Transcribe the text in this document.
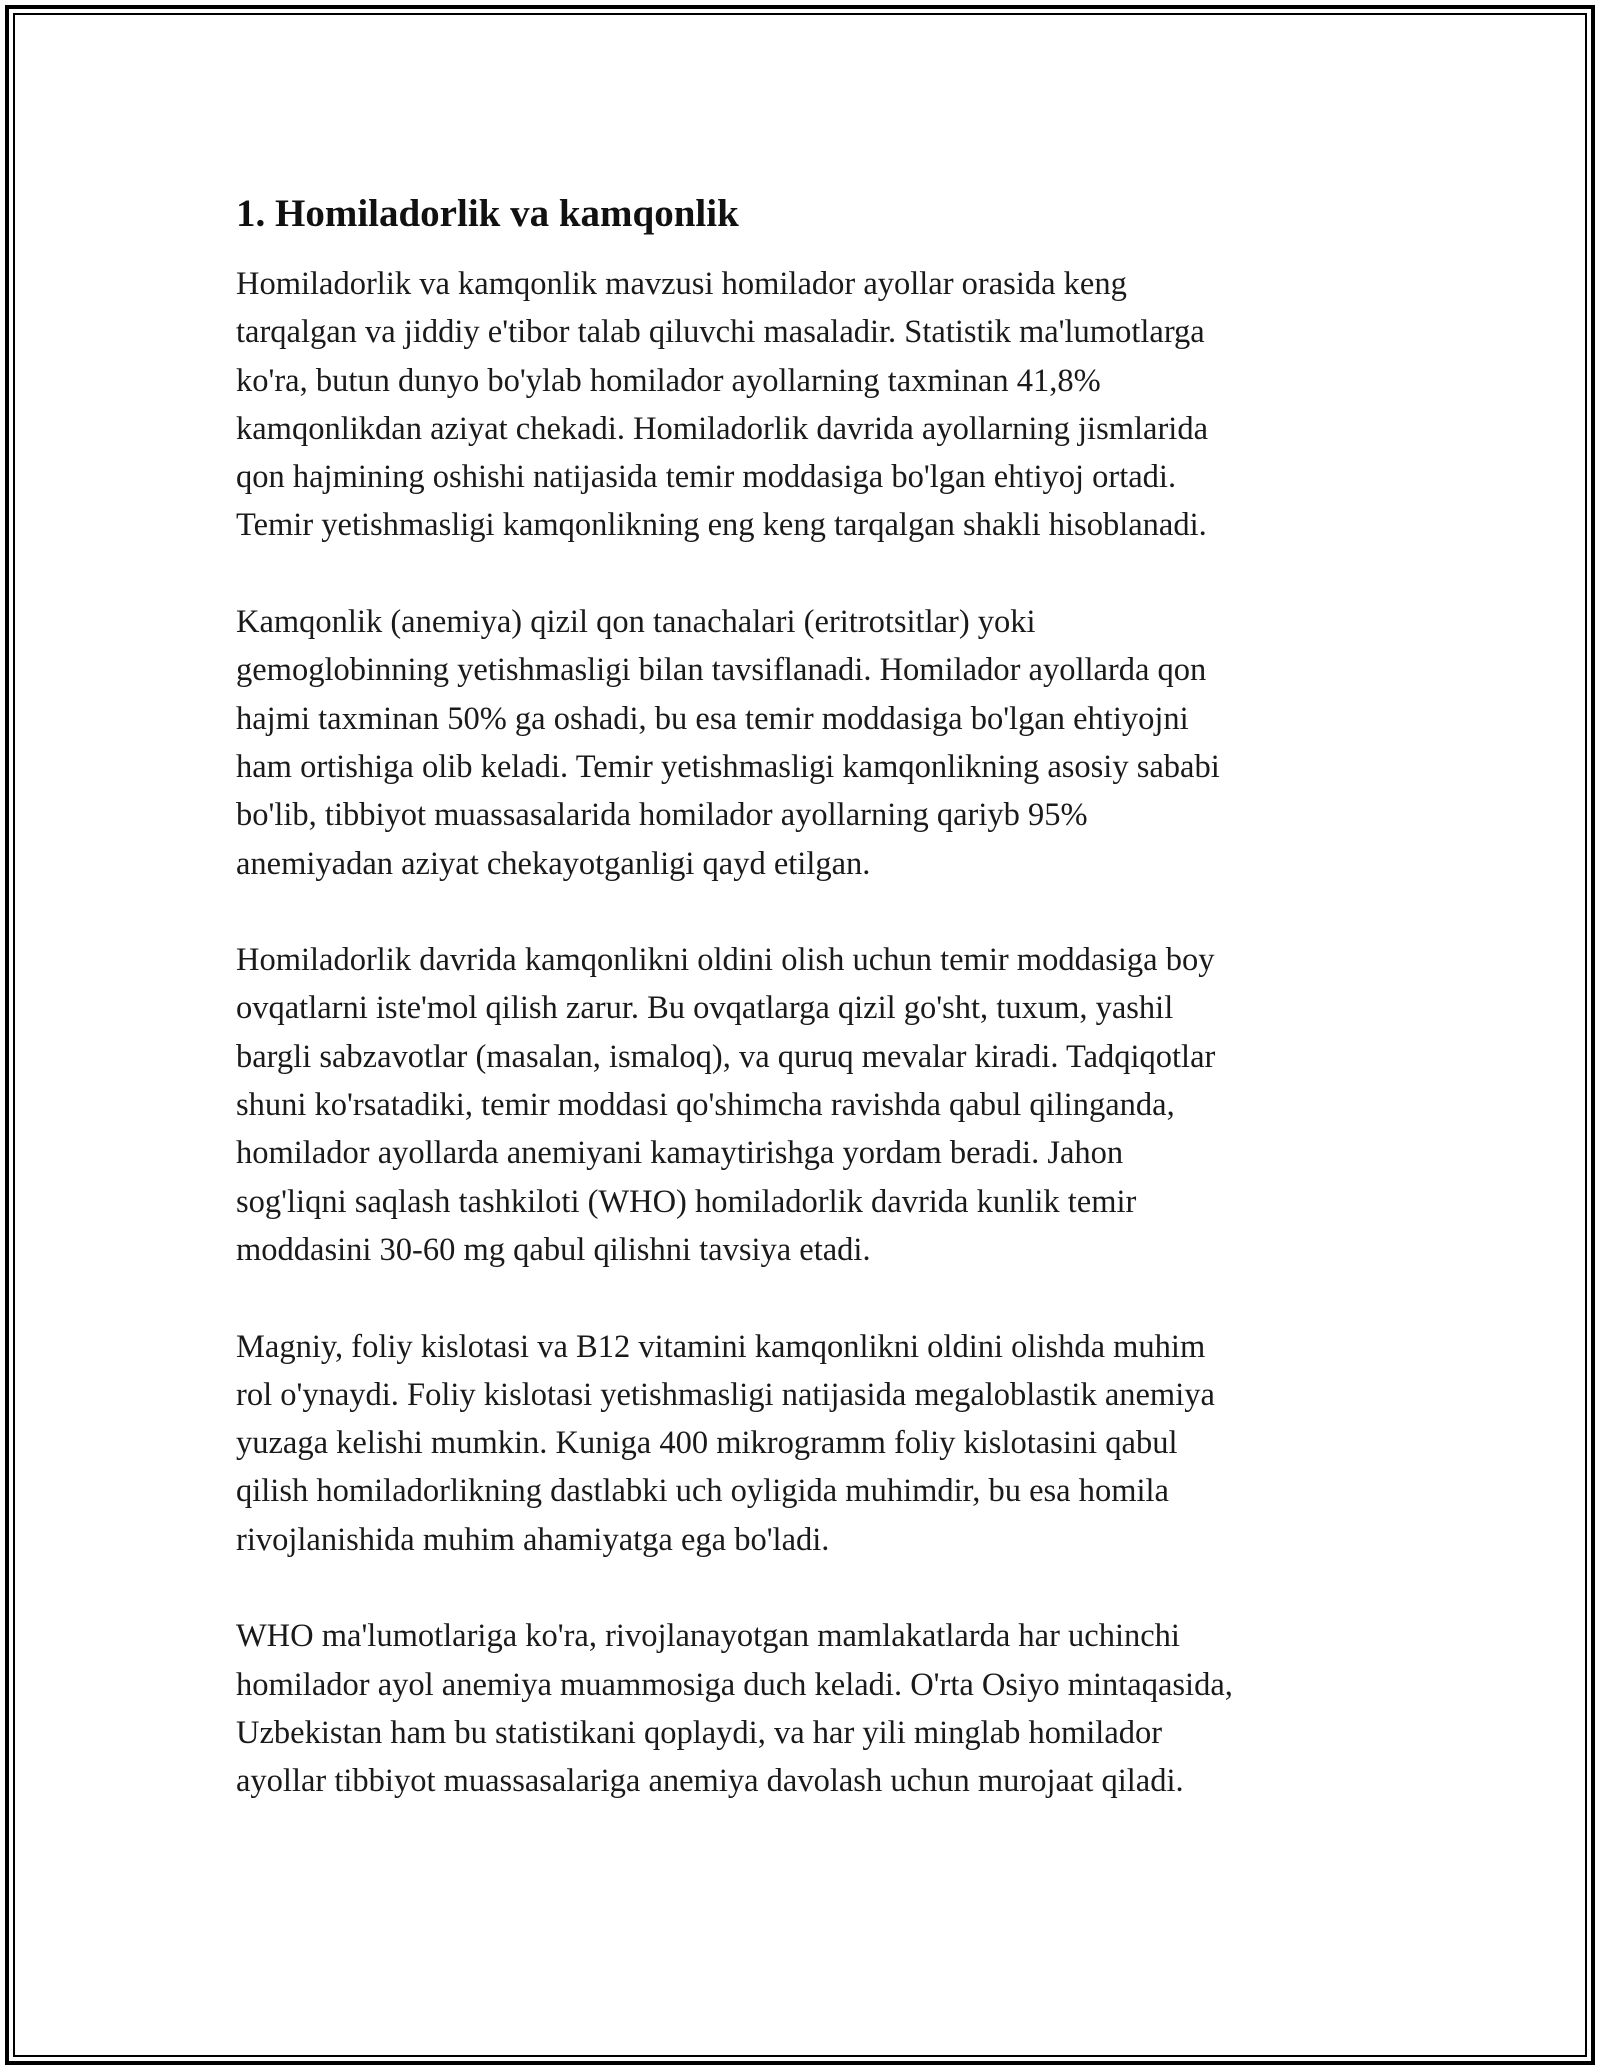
1. Homiladorlik va kamqonlik

Homiladorlik va kamqonlik mavzusi homilador ayollar orasida keng
tarqalgan va jiddiy e'tibor talab qiluvchi masaladir. Statistik ma'lumotlarga
ko'ra, butun dunyo bo'ylab homilador ayollarning taxminan 41,8%
kamqonlikdan aziyat chekadi. Homiladorlik davrida ayollarning jismlarida
qon hajmining oshishi natijasida temir moddasiga bo'lgan ehtiyoj ortadi.
Temir yetishmasligi kamqonlikning eng keng tarqalgan shakli hisoblanadi.

Kamqonlik (anemiya) qizil qon tanachalari (eritrotsitlar) yoki
gemoglobinning yetishmasligi bilan tavsiflanadi. Homilador ayollarda qon
hajmi taxminan 50% ga oshadi, bu esa temir moddasiga bo'lgan ehtiyojni
ham ortishiga olib keladi. Temir yetishmasligi kamqonlikning asosiy sababi
bo'lib, tibbiyot muassasalarida homilador ayollarning qariyb 95%
anemiyadan aziyat chekayotganligi qayd etilgan.

Homiladorlik davrida kamqonlikni oldini olish uchun temir moddasiga boy
ovqatlarni iste'mol qilish zarur. Bu ovqatlarga qizil go'sht, tuxum, yashil
bargli sabzavotlar (masalan, ismaloq), va quruq mevalar kiradi. Tadqiqotlar
shuni ko'rsatadiki, temir moddasi qo'shimcha ravishda qabul qilinganda,
homilador ayollarda anemiyani kamaytirishga yordam beradi. Jahon
sog'liqni saqlash tashkiloti (WHO) homiladorlik davrida kunlik temir
moddasini 30-60 mg qabul qilishni tavsiya etadi.

Magniy, foliy kislotasi va B12 vitamini kamqonlikni oldini olishda muhim
rol o'ynaydi. Foliy kislotasi yetishmasligi natijasida megaloblastik anemiya
yuzaga kelishi mumkin. Kuniga 400 mikrogramm foliy kislotasini qabul
qilish homiladorlikning dastlabki uch oyligida muhimdir, bu esa homila
rivojlanishida muhim ahamiyatga ega bo'ladi.

WHO ma'lumotlariga ko'ra, rivojlanayotgan mamlakatlarda har uchinchi
homilador ayol anemiya muammosiga duch keladi. O'rta Osiyo mintaqasida,
Uzbekistan ham bu statistikani qoplaydi, va har yili minglab homilador
ayollar tibbiyot muassasalariga anemiya davolash uchun murojaat qiladi.
